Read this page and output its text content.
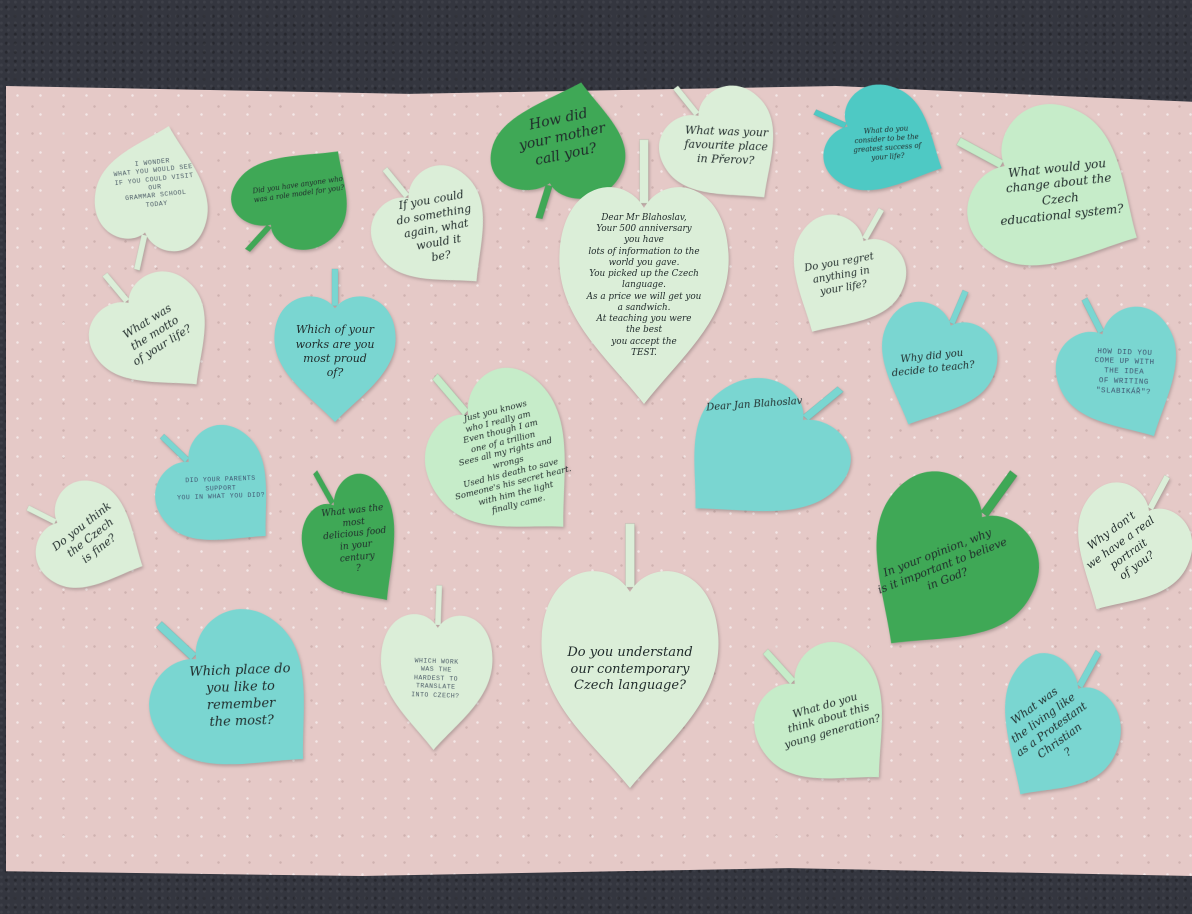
I WONDER
WHAT YOU WOULD SEE
IF YOU COULD VISIT OUR
GRAMMAR SCHOOL
TODAY
Did you have anyone who
was a role model for you?
How did
your mother
call you?
What was your
favourite place
in Přerov?
What do you consider to be the greatest success of your life?	What would you
change about the Czech
educational system?
If you could
do something
again, what
would it
be?
Dear Mr Blahoslav,
Your 500 anniversary
you have
lots of information to the
world you gave.
You picked up the Czech language.
As a price we will get you
a sandwich.
At teaching you were
the best
you accept the
TEST.
Do you regret
anything in
your life?
What was
the motto
of your life?	Which of your
works are you
most proud
of?
Just you knows
who I really am
Even though I am
one of a trillion
Sees all my rights and wrongs
Used his death to save
Someone's his secret heart.
with him the light
finally came.
Why did you
decide to teach?
HOW DID YOU
COME UP WITH
THE IDEA
OF WRITING
"SLABIKÁŘ"?
DID YOUR PARENTS SUPPORT
YOU IN WHAT YOU DID?
Dear Jan Blahoslav
What was the most
delicious food
in your century
?
Do you think
the Czech
is fine?	In your opinion, why
is it important to believe
in God?
Why don't
we have a real
portrait
of you?
Which place do
you like to remember
the most?
WHICH WORK WAS THE HARDEST TO TRANSLATE INTO CZECH?
Do you understand
our contemporary
Czech language?
What do you
think about this
young generation?
What was
the living like
as a Protestant
Christian
?
